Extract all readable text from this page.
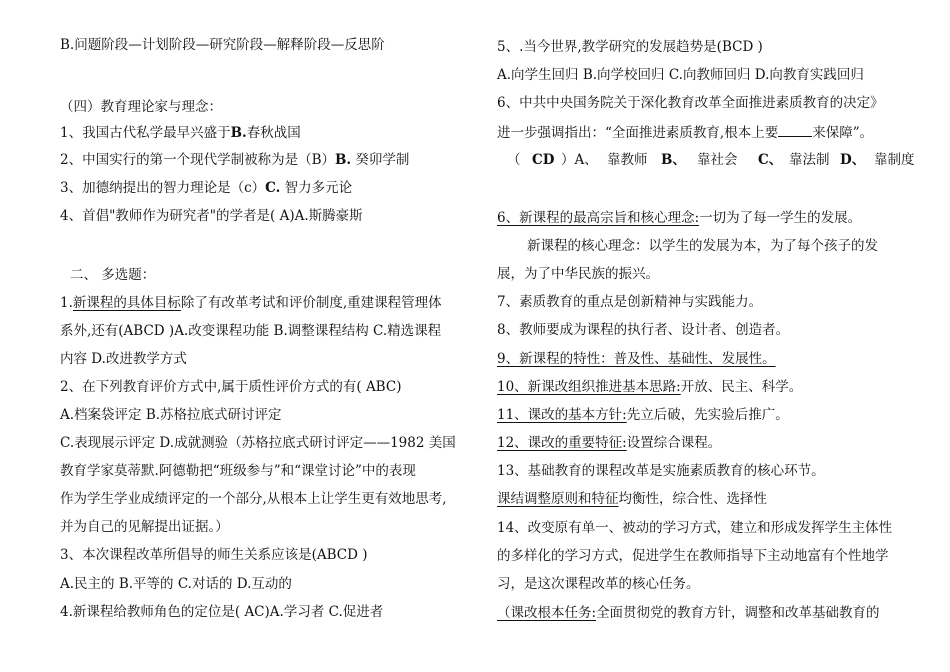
B.问题阶段—计划阶段—研究阶段—解释阶段—反思阶
（四）教育理论家与理念：
1、我国古代私学最早兴盛于B.春秋战国
2、中国实行的第一个现代学制被称为是（B）B. 癸卯学制
3、加德纳提出的智力理论是（c）C. 智力多元论
4、首倡"教师作为研究者"的学者是( A)A.斯腾豪斯
二、 多选题：
1.新课程的具体目标除了有改革考试和评价制度,重建课程管理体
系外,还有(ABCD )A.改变课程功能 B.调整课程结构 C.精选课程
内容 D.改进教学方式
2、在下列教育评价方式中,属于质性评价方式的有( ABC)
A.档案袋评定 B.苏格拉底式研讨评定
C.表现展示评定 D.成就测验（苏格拉底式研讨评定——1982 美国
教育学家莫蒂默.阿德勒把“班级参与”和“课堂讨论”中的表现
作为学生学业成绩评定的一个部分,从根本上让学生更有效地思考,
并为自己的见解提出证据。）
3、本次课程改革所倡导的师生关系应该是(ABCD )
A.民主的 B.平等的 C.对话的 D.互动的
4.新课程给教师角色的定位是( AC)A.学习者 C.促进者
5、.当今世界,教学研究的发展趋势是(BCD )
A.向学生回归 B.向学校回归 C.向教师回归 D.向教育实践回归
6、中共中央国务院关于深化教育改革全面推进素质教育的决定》
进一步强调指出：“全面推进素质教育,根本上要	来保障”。
（ CD ）A、 靠教师 B、 靠社会 C、 靠法制 D、 靠制度
6、新课程的最高宗旨和核心理念:一切为了每一学生的发展。
新课程的核心理念：以学生的发展为本，为了每个孩子的发
展，为了中华民族的振兴。
7、素质教育的重点是创新精神与实践能力。
8、教师要成为课程的执行者、设计者、创造者。
9、新课程的特性：普及性、基础性、发展性。
10、新课改组织推进基本思路:开放、民主、科学。
11、课改的基本方针:先立后破，先实验后推广。
12、课改的重要特征:设置综合课程。
13、基础教育的课程改革是实施素质教育的核心环节。
课结调整原则和特征均衡性，综合性、选择性
14、改变原有单一、被动的学习方式，建立和形成发挥学生主体性
的多样化的学习方式，促进学生在教师指导下主动地富有个性地学
习，是这次课程改革的核心任务。
（课改根本任务:全面贯彻党的教育方针，调整和改革基础教育的
